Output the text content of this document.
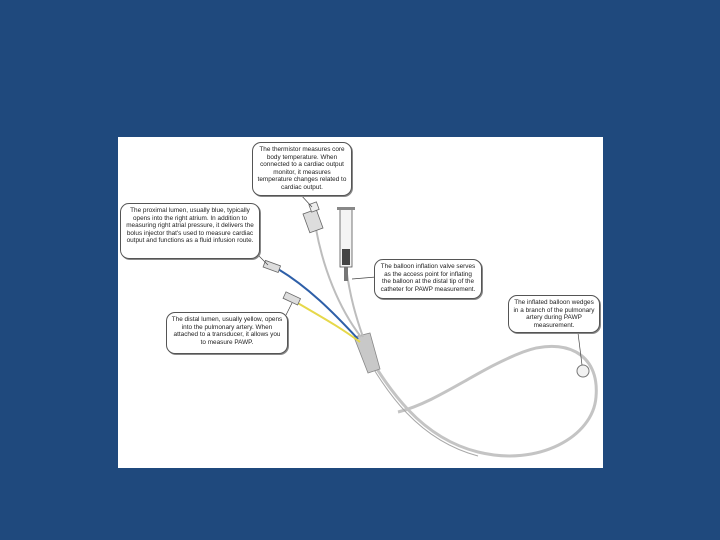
The thermistor measures core body temperature. When connected to a cardiac output monitor, it measures temperature changes related to cardiac output.
The proximal lumen, usually blue, typically opens into the right atrium. In addition to measuring right atrial pressure, it delivers the bolus injector that's used to measure cardiac output and functions as a fluid infusion route.
The balloon inflation valve serves as the access point for inflating the balloon at the distal tip of the catheter for PAWP measurement.
The distal lumen, usually yellow, opens into the pulmonary artery. When attached to a transducer, it allows you to measure PAWP.
The inflated balloon wedges in a branch of the pulmonary artery during PAWP measurement.
